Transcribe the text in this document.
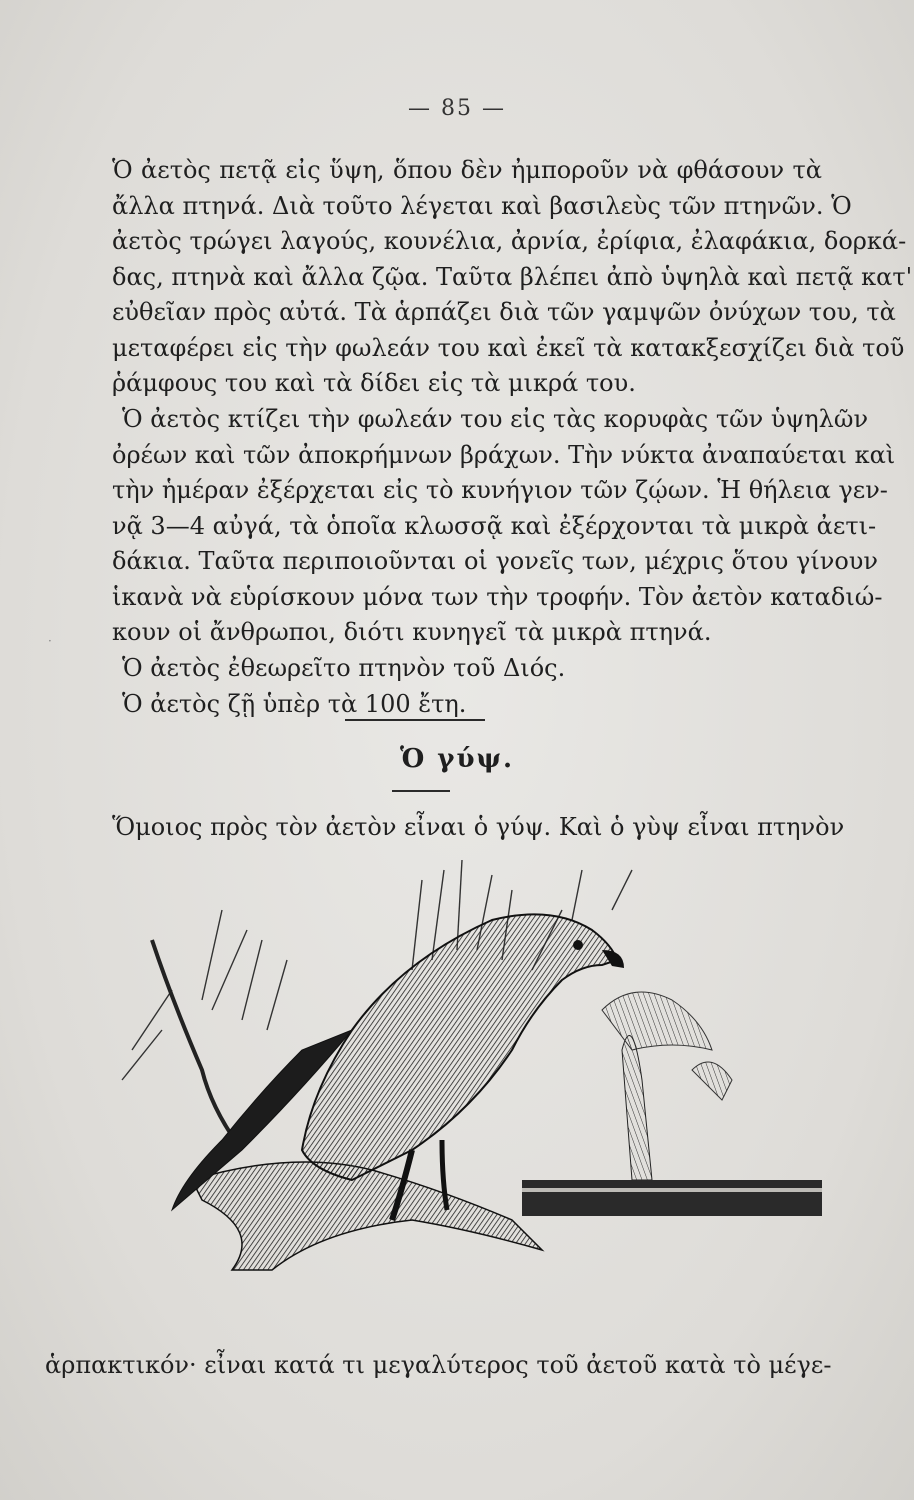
— 85 —
Ὁ ἀετὸς πετᾷ εἰς ὕψη, ὅπου δὲν ἠμποροῦν νὰ φθάσουν τὰ
ἄλλα πτηνά. Διὰ τοῦτο λέγεται καὶ βασιλεὺς τῶν πτηνῶν. Ὁ
ἀετὸς τρώγει λαγούς, κουνέλια, ἀρνία, ἐρίφια, ἐλαφάκια, δορκά-
δας, πτηνὰ καὶ ἄλλα ζῷα. Ταῦτα βλέπει ἀπὸ ὑψηλὰ καὶ πετᾷ κατ'
εὐθεῖαν πρὸς αὐτά. Τὰ ἁρπάζει διὰ τῶν γαμψῶν ὀνύχων του, τὰ
μεταφέρει εἰς τὴν φωλεάν του καὶ ἐκεῖ τὰ κατακξεσχίζει διὰ τοῦ
ῥάμφους του καὶ τὰ δίδει εἰς τὰ μικρά του.
Ὁ ἀετὸς κτίζει τὴν φωλεάν του εἰς τὰς κορυφὰς τῶν ὑψηλῶν
ὀρέων καὶ τῶν ἀποκρήμνων βράχων. Τὴν νύκτα ἀναπαύεται καὶ
τὴν ἡμέραν ἐξέρχεται εἰς τὸ κυνήγιον τῶν ζῴων. Ἡ θήλεια γεν-
νᾷ 3—4 αὐγά, τὰ ὁποῖα κλωσσᾷ καὶ ἐξέρχονται τὰ μικρὰ ἀετι-
δάκια. Ταῦτα περιποιοῦνται οἱ γονεῖς των, μέχρις ὅτου γίνουν
ἱκανὰ νὰ εὑρίσκουν μόνα των τὴν τροφήν. Τὸν ἀετὸν καταδιώ-
κουν οἱ ἄνθρωποι, διότι κυνηγεῖ τὰ μικρὰ πτηνά.
Ὁ ἀετὸς ἐθεωρεῖτο πτηνὸν τοῦ Διός.
Ὁ ἀετὸς ζῇ ὑπὲρ τὰ 100 ἔτη.
·
Ὁ γύψ.
Ὅμοιος πρὸς τὸν ἀετὸν εἶναι ὁ γύψ. Καὶ ὁ γὺψ εἶναι πτηνὸν
ἁρπακτικόν· εἶναι κατά τι μεγαλύτερος τοῦ ἀετοῦ κατὰ τὸ μέγε-
